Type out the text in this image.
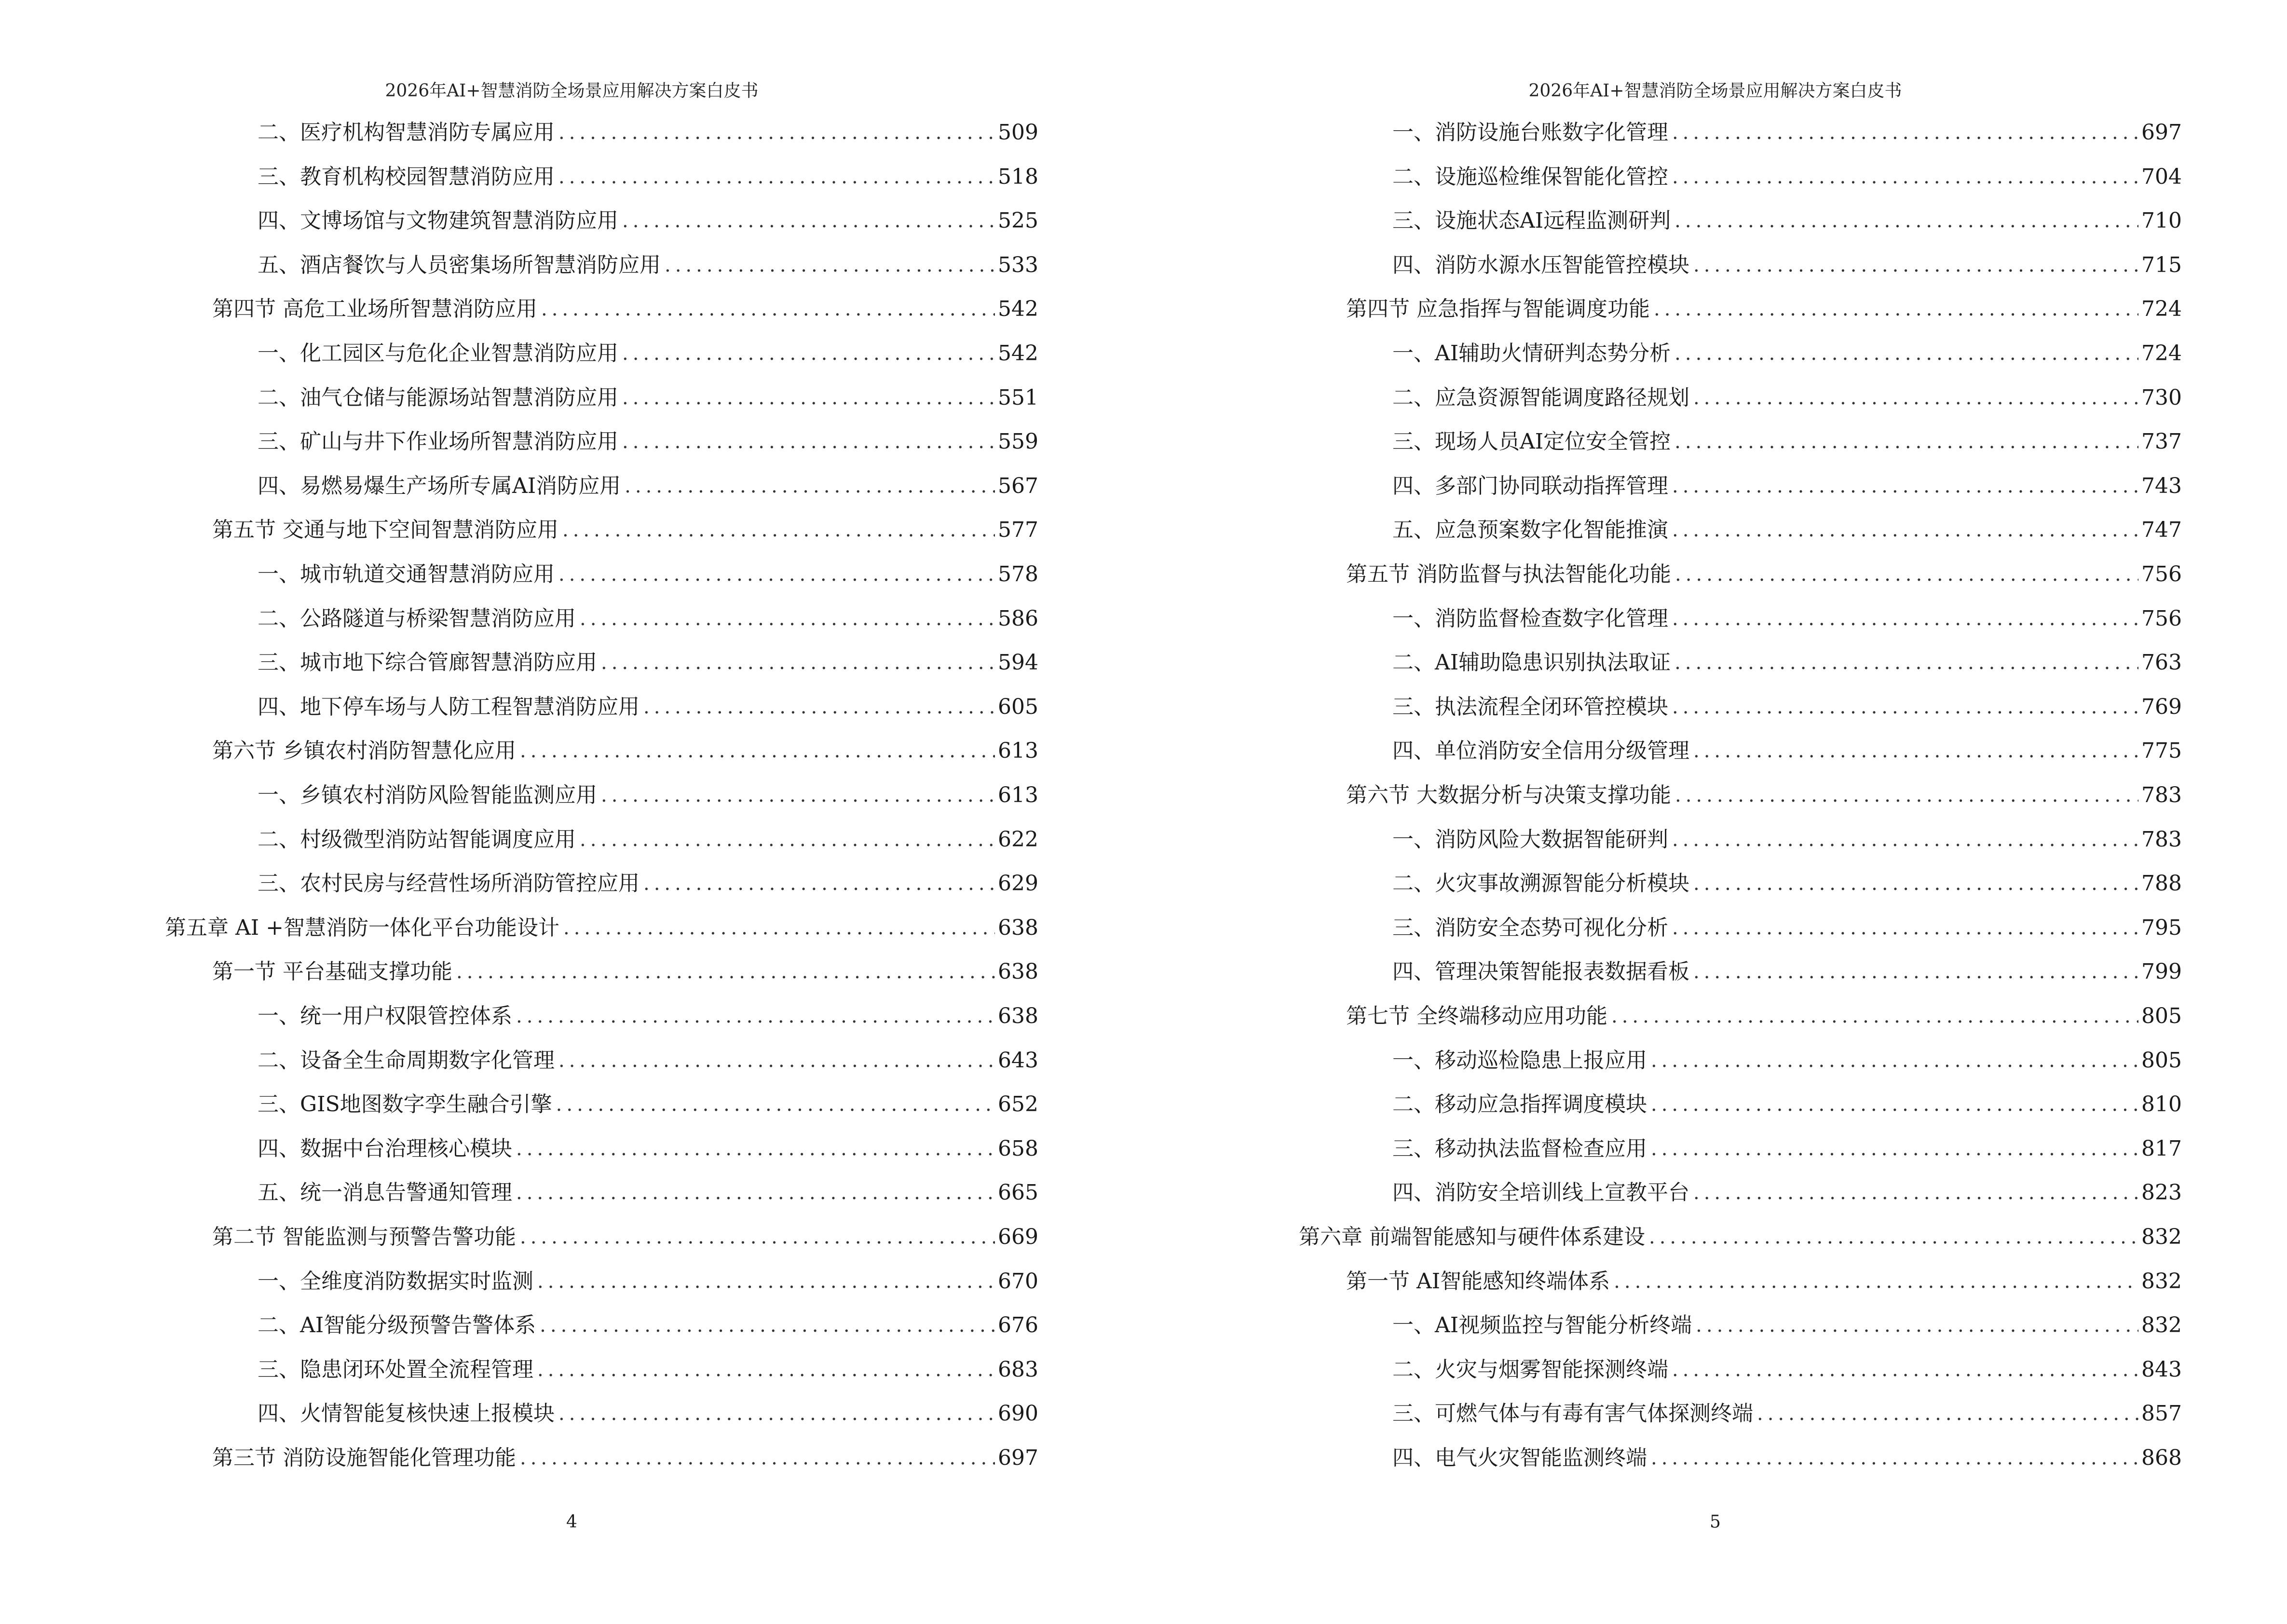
2026年AI+智慧消防全场景应用解决方案白皮书
二、医疗机构智慧消防专属应用 .....	509
三、教育机构校园智慧消防应用 .....	518
四、文博场馆与文物建筑智慧消防应用 .....	525
五、酒店餐饮与人员密集场所智慧消防应用 .....	533
第四节 高危工业场所智慧消防应用 .....	542
一、化工园区与危化企业智慧消防应用 .....	542
二、油气仓储与能源场站智慧消防应用 .....	551
三、矿山与井下作业场所智慧消防应用 .....	559
四、易燃易爆生产场所专属AI消防应用 .....	567
第五节 交通与地下空间智慧消防应用 .....	577
一、城市轨道交通智慧消防应用 .....	578
二、公路隧道与桥梁智慧消防应用 .....	586
三、城市地下综合管廊智慧消防应用 .....	594
四、地下停车场与人防工程智慧消防应用 .....	605
第六节 乡镇农村消防智慧化应用 .....	613
一、乡镇农村消防风险智能监测应用 .....	613
二、村级微型消防站智能调度应用 .....	622
三、农村民房与经营性场所消防管控应用 .....	629
第五章 AI +智慧消防一体化平台功能设计 .....	638
第一节 平台基础支撑功能 .....	638
一、统一用户权限管控体系 .....	638
二、设备全生命周期数字化管理 .....	643
三、GIS地图数字孪生融合引擎 .....	652
四、数据中台治理核心模块 .....	658
五、统一消息告警通知管理 .....	665
第二节 智能监测与预警告警功能 .....	669
一、全维度消防数据实时监测 .....	670
二、AI智能分级预警告警体系 .....	676
三、隐患闭环处置全流程管理 .....	683
四、火情智能复核快速上报模块 .....	690
第三节 消防设施智能化管理功能 .....	697
4
2026年AI+智慧消防全场景应用解决方案白皮书
一、消防设施台账数字化管理 .....	697
二、设施巡检维保智能化管控 .....	704
三、设施状态AI远程监测研判 .....	710
四、消防水源水压智能管控模块 .....	715
第四节 应急指挥与智能调度功能 .....	724
一、AI辅助火情研判态势分析 .....	724
二、应急资源智能调度路径规划 .....	730
三、现场人员AI定位安全管控 .....	737
四、多部门协同联动指挥管理 .....	743
五、应急预案数字化智能推演 .....	747
第五节 消防监督与执法智能化功能 .....	756
一、消防监督检查数字化管理 .....	756
二、AI辅助隐患识别执法取证 .....	763
三、执法流程全闭环管控模块 .....	769
四、单位消防安全信用分级管理 .....	775
第六节 大数据分析与决策支撑功能 .....	783
一、消防风险大数据智能研判 .....	783
二、火灾事故溯源智能分析模块 .....	788
三、消防安全态势可视化分析 .....	795
四、管理决策智能报表数据看板 .....	799
第七节 全终端移动应用功能 .....	805
一、移动巡检隐患上报应用 .....	805
二、移动应急指挥调度模块 .....	810
三、移动执法监督检查应用 .....	817
四、消防安全培训线上宣教平台 .....	823
第六章 前端智能感知与硬件体系建设 .....	832
第一节 AI智能感知终端体系 .....	832
一、AI视频监控与智能分析终端 .....	832
二、火灾与烟雾智能探测终端 .....	843
三、可燃气体与有毒有害气体探测终端 .....	857
四、电气火灾智能监测终端 .....	868
5
